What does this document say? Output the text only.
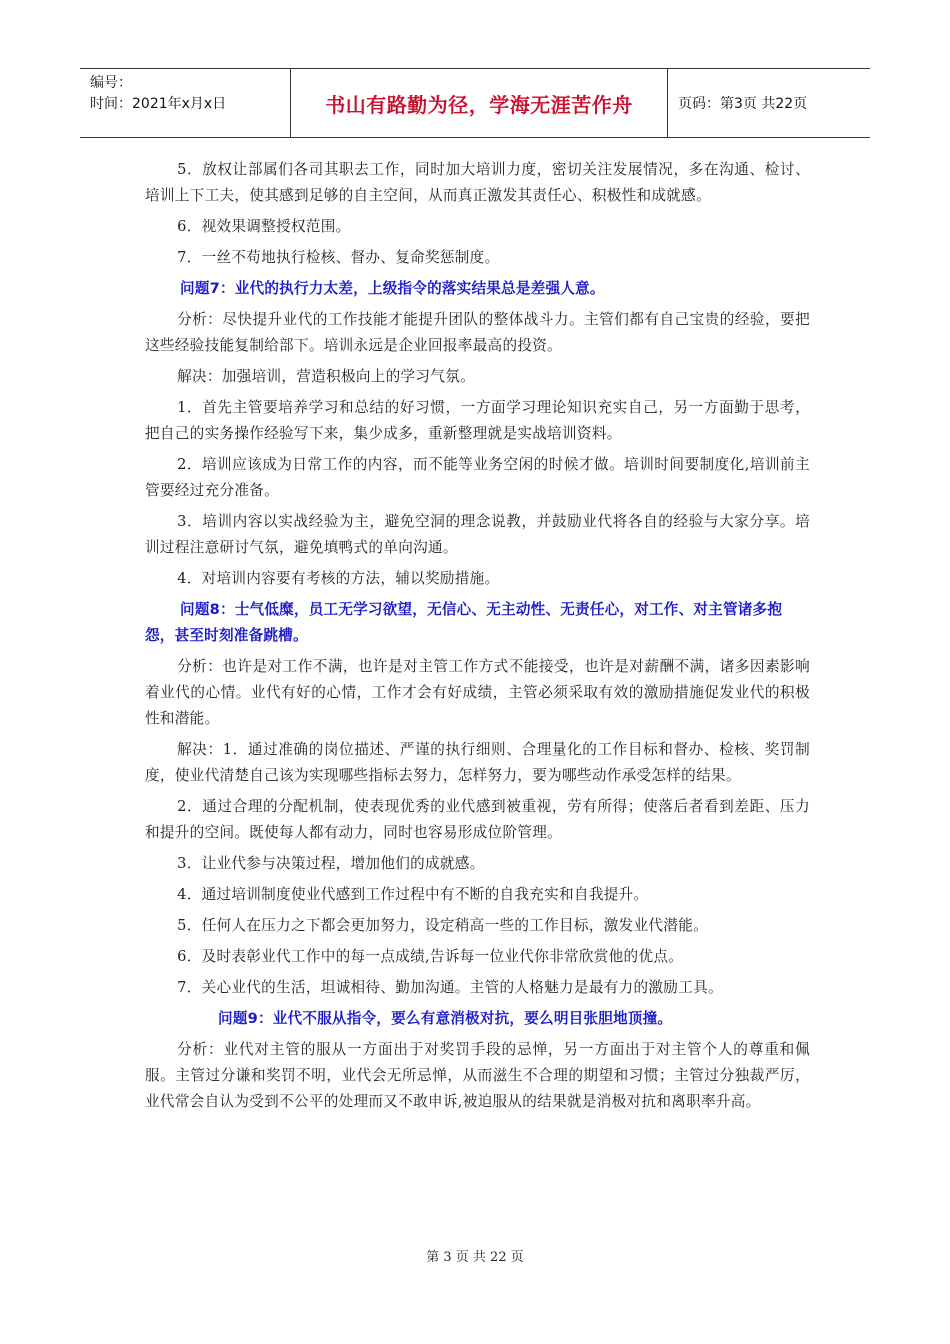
编号：
时间：2021年x月x日	书山有路勤为径，学海无涯苦作舟	页码：第3页 共22页

5．放权让部属们各司其职去工作，同时加大培训力度，密切关注发展情况，多在沟通、检讨、培训上下工夫，使其感到足够的自主空间，从而真正激发其责任心、积极性和成就感。

6．视效果调整授权范围。

7．一丝不苟地执行检核、督办、复命奖惩制度。

问题7：业代的执行力太差，上级指令的落实结果总是差强人意。

分析：尽快提升业代的工作技能才能提升团队的整体战斗力。主管们都有自己宝贵的经验，要把这些经验技能复制给部下。培训永远是企业回报率最高的投资。

解决：加强培训，营造积极向上的学习气氛。

1．首先主管要培养学习和总结的好习惯，一方面学习理论知识充实自己，另一方面勤于思考，把自己的实务操作经验写下来，集少成多，重新整理就是实战培训资料。

2．培训应该成为日常工作的内容，而不能等业务空闲的时候才做。培训时间要制度化,培训前主管要经过充分准备。

3．培训内容以实战经验为主，避免空洞的理念说教，并鼓励业代将各自的经验与大家分享。培训过程注意研讨气氛，避免填鸭式的单向沟通。

4．对培训内容要有考核的方法，辅以奖励措施。

问题8：士气低糜，员工无学习欲望，无信心、无主动性、无责任心，对工作、对主管诸多抱怨，甚至时刻准备跳槽。

分析：也许是对工作不满，也许是对主管工作方式不能接受，也许是对薪酬不满，诸多因素影响着业代的心情。业代有好的心情，工作才会有好成绩，主管必须采取有效的激励措施促发业代的积极性和潜能。

解决：1．通过准确的岗位描述、严谨的执行细则、合理量化的工作目标和督办、检核、奖罚制度，使业代清楚自己该为实现哪些指标去努力，怎样努力，要为哪些动作承受怎样的结果。

2．通过合理的分配机制，使表现优秀的业代感到被重视，劳有所得；使落后者看到差距、压力和提升的空间。既使每人都有动力，同时也容易形成位阶管理。

3．让业代参与决策过程，增加他们的成就感。

4．通过培训制度使业代感到工作过程中有不断的自我充实和自我提升。

5．任何人在压力之下都会更加努力，设定稍高一些的工作目标，激发业代潜能。

6．及时表彰业代工作中的每一点成绩,告诉每一位业代你非常欣赏他的优点。

7．关心业代的生活，坦诚相待、勤加沟通。主管的人格魅力是最有力的激励工具。

问题9：业代不服从指令，要么有意消极对抗，要么明目张胆地顶撞。

分析：业代对主管的服从一方面出于对奖罚手段的忌惮，另一方面出于对主管个人的尊重和佩服。主管过分谦和奖罚不明，业代会无所忌惮，从而滋生不合理的期望和习惯；主管过分独裁严厉，业代常会自认为受到不公平的处理而又不敢申诉,被迫服从的结果就是消极对抗和离职率升高。

第 3 页 共 22 页
